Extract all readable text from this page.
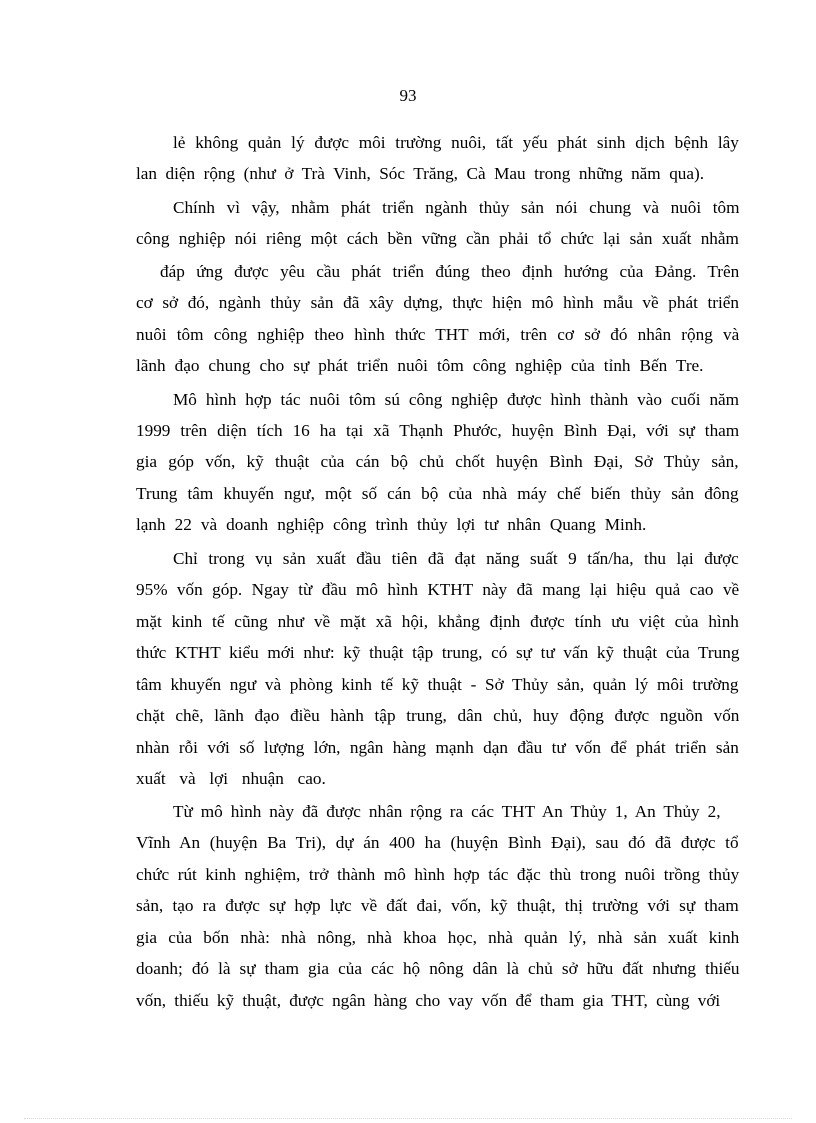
93
lẻ không quản lý được môi trường nuôi, tất yếu phát sinh dịch bệnh lây
lan diện rộng (như ở Trà Vinh, Sóc Trăng, Cà Mau trong những năm qua).
Chính vì vậy, nhằm phát triển ngành thủy sản nói chung và nuôi tôm
công nghiệp nói riêng một cách bền vững cần phải tổ chức lại sản xuất nhằm
đáp ứng được yêu cầu phát triển đúng theo định hướng của Đảng. Trên
cơ sở đó, ngành thủy sản đã xây dựng, thực hiện mô hình mẫu về phát triển
nuôi tôm công nghiệp theo hình thức THT mới, trên cơ sở đó nhân rộng và
lãnh đạo chung cho sự phát triển nuôi tôm công nghiệp của tỉnh Bến Tre.
Mô hình hợp tác nuôi tôm sú công nghiệp được hình thành vào cuối năm
1999 trên diện tích 16 ha tại xã Thạnh Phước, huyện Bình Đại, với sự tham
gia góp vốn, kỹ thuật của cán bộ chủ chốt huyện Bình Đại, Sở Thủy sản,
Trung tâm khuyến ngư, một số cán bộ của nhà máy chế biến thủy sản đông
lạnh 22 và doanh nghiệp công trình thủy lợi tư nhân Quang Minh.
Chỉ trong vụ sản xuất đầu tiên đã đạt năng suất 9 tấn/ha, thu lại được
95% vốn góp. Ngay từ đầu mô hình KTHT này đã mang lại hiệu quả cao về
mặt kinh tế cũng như về mặt xã hội, khẳng định được tính ưu việt của hình
thức KTHT kiểu mới như: kỹ thuật tập trung, có sự tư vấn kỹ thuật của Trung
tâm khuyến ngư và phòng kinh tế kỹ thuật - Sở Thủy sản, quản lý môi trường
chặt chẽ, lãnh đạo điều hành tập trung, dân chủ, huy động được nguồn vốn
nhàn rỗi với số lượng lớn, ngân hàng mạnh dạn đầu tư vốn để phát triển sản
xuất và lợi nhuận cao.
Từ mô hình này đã được nhân rộng ra các THT An Thủy 1, An Thủy 2,
Vĩnh An (huyện Ba Tri), dự án 400 ha (huyện Bình Đại), sau đó đã được tổ
chức rút kinh nghiệm, trở thành mô hình hợp tác đặc thù trong nuôi trồng thủy
sản, tạo ra được sự hợp lực về đất đai, vốn, kỹ thuật, thị trường với sự tham
gia của bốn nhà: nhà nông, nhà khoa học, nhà quản lý, nhà sản xuất kinh
doanh; đó là sự tham gia của các hộ nông dân là chủ sở hữu đất nhưng thiếu
vốn, thiếu kỹ thuật, được ngân hàng cho vay vốn để tham gia THT, cùng với
